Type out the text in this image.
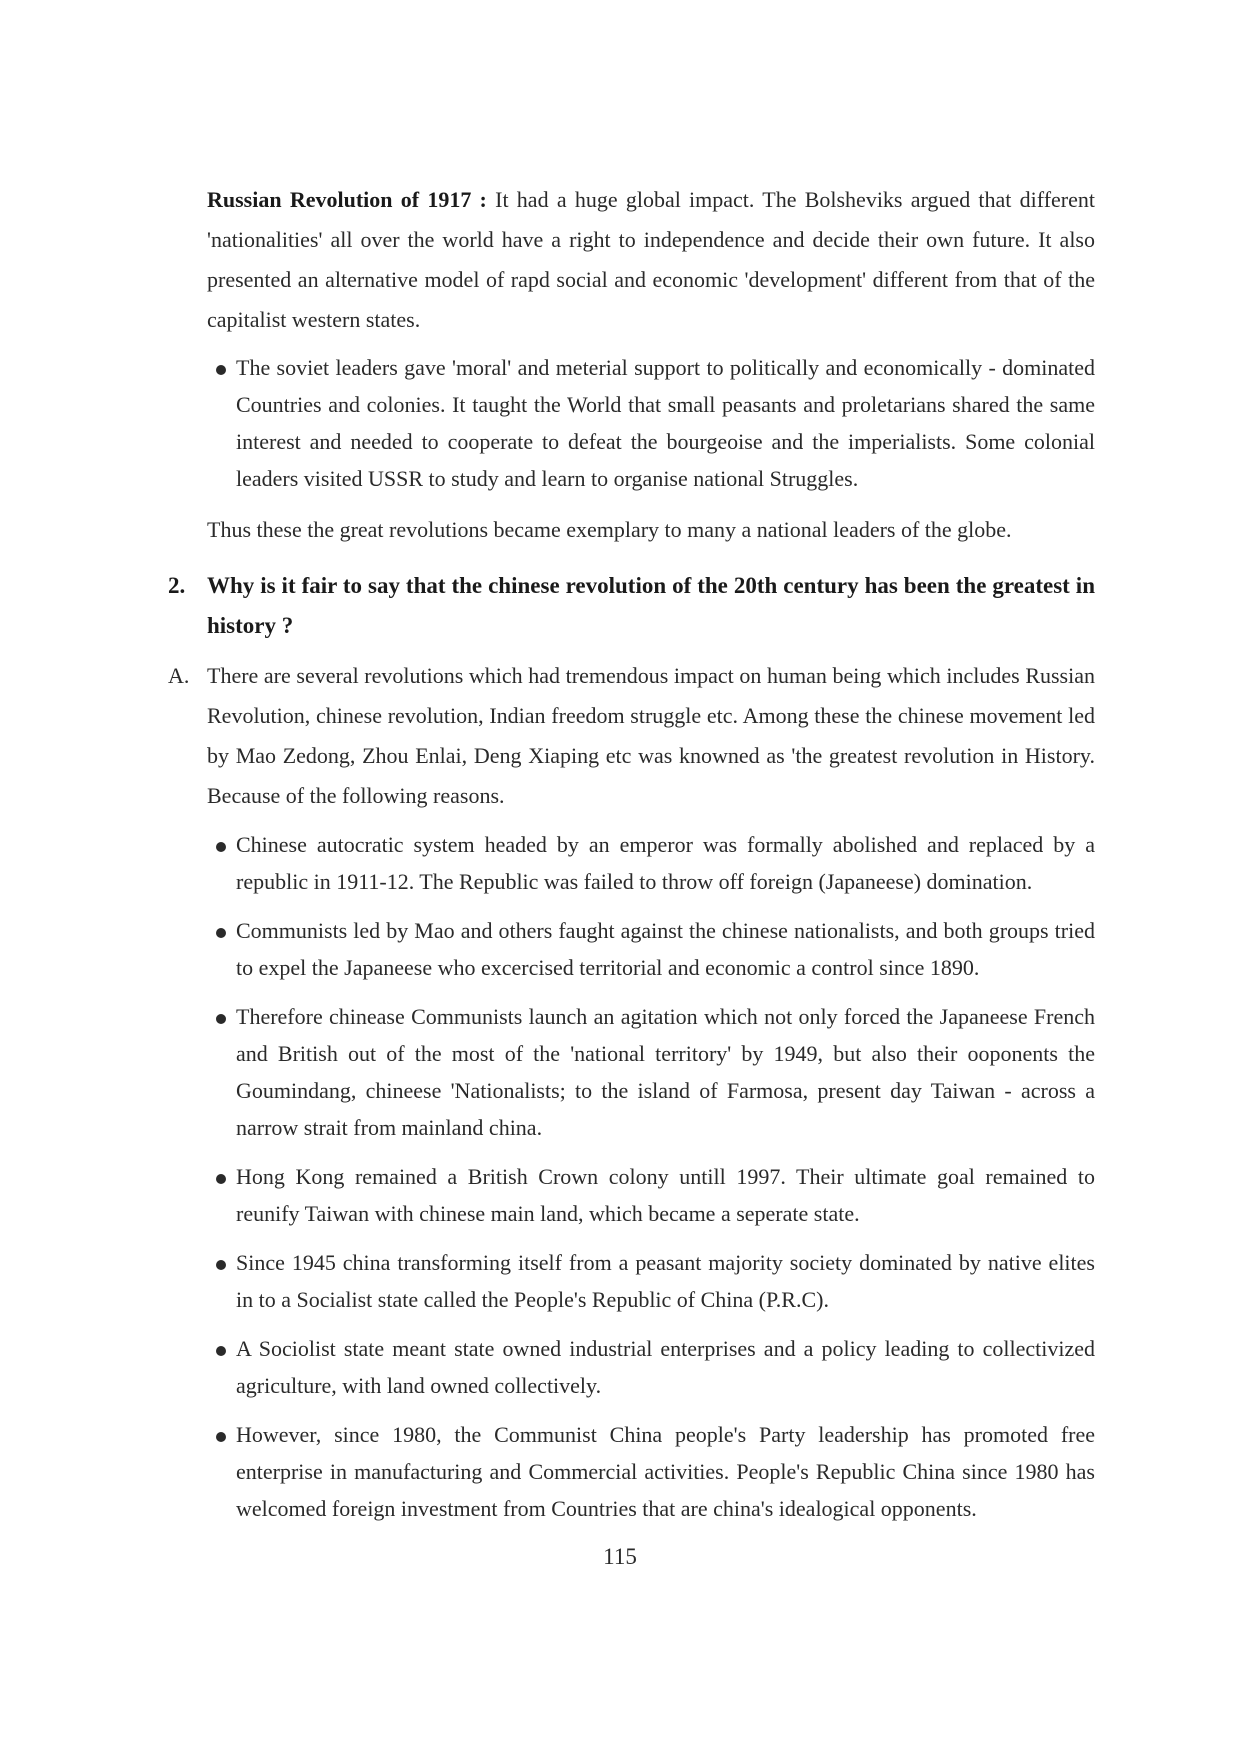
Russian Revolution of 1917 : It had a huge global impact. The Bolsheviks argued that different 'nationalities' all over the world have a right to independence and decide their own future. It also presented an alternative model of rapd social and economic 'development' different from that of the capitalist western states.

The soviet leaders gave 'moral' and meterial support to politically and economically - dominated Countries and colonies. It taught the World that small peasants and proletarians shared the same interest and needed to cooperate to defeat the bourgeoise and the imperialists. Some colonial leaders visited USSR to study and learn to organise national Struggles.

Thus these the great revolutions became exemplary to many a national leaders of the globe.

2. Why is it fair to say that the chinese revolution of the 20th century has been the greatest in history ?
A. There are several revolutions which had tremendous impact on human being which includes Russian Revolution, chinese revolution, Indian freedom struggle etc. Among these the chinese movement led by Mao Zedong, Zhou Enlai, Deng Xiaping etc was knowned as 'the greatest revolution in History. Because of the following reasons.
Chinese autocratic system headed by an emperor was formally abolished and replaced by a republic in 1911-12. The Republic was failed to throw off foreign (Japaneese) domination.
Communists led by Mao and others faught against the chinese nationalists, and both groups tried to expel the Japaneese who excercised territorial and economic a control since 1890.
Therefore chinease Communists launch an agitation which not only forced the Japaneese French and British out of the most of the 'national territory' by 1949, but also their ooponents the Goumindang, chineese 'Nationalists; to the island of Farmosa, present day Taiwan - across a narrow strait from mainland china.
Hong Kong remained a British Crown colony untill 1997. Their ultimate goal remained to reunify Taiwan with chinese main land, which became a seperate state.
Since 1945 china transforming itself from a peasant majority society dominated by native elites in to a Socialist state called the People's Republic of China (P.R.C).
A Sociolist state meant state owned industrial enterprises and a policy leading to collectivized agriculture, with land owned collectively.
However, since 1980, the Communist China people's Party leadership has promoted free enterprise in manufacturing and Commercial activities. People's Republic China since 1980 has welcomed foreign investment from Countries that are china's idealogical opponents.
115
